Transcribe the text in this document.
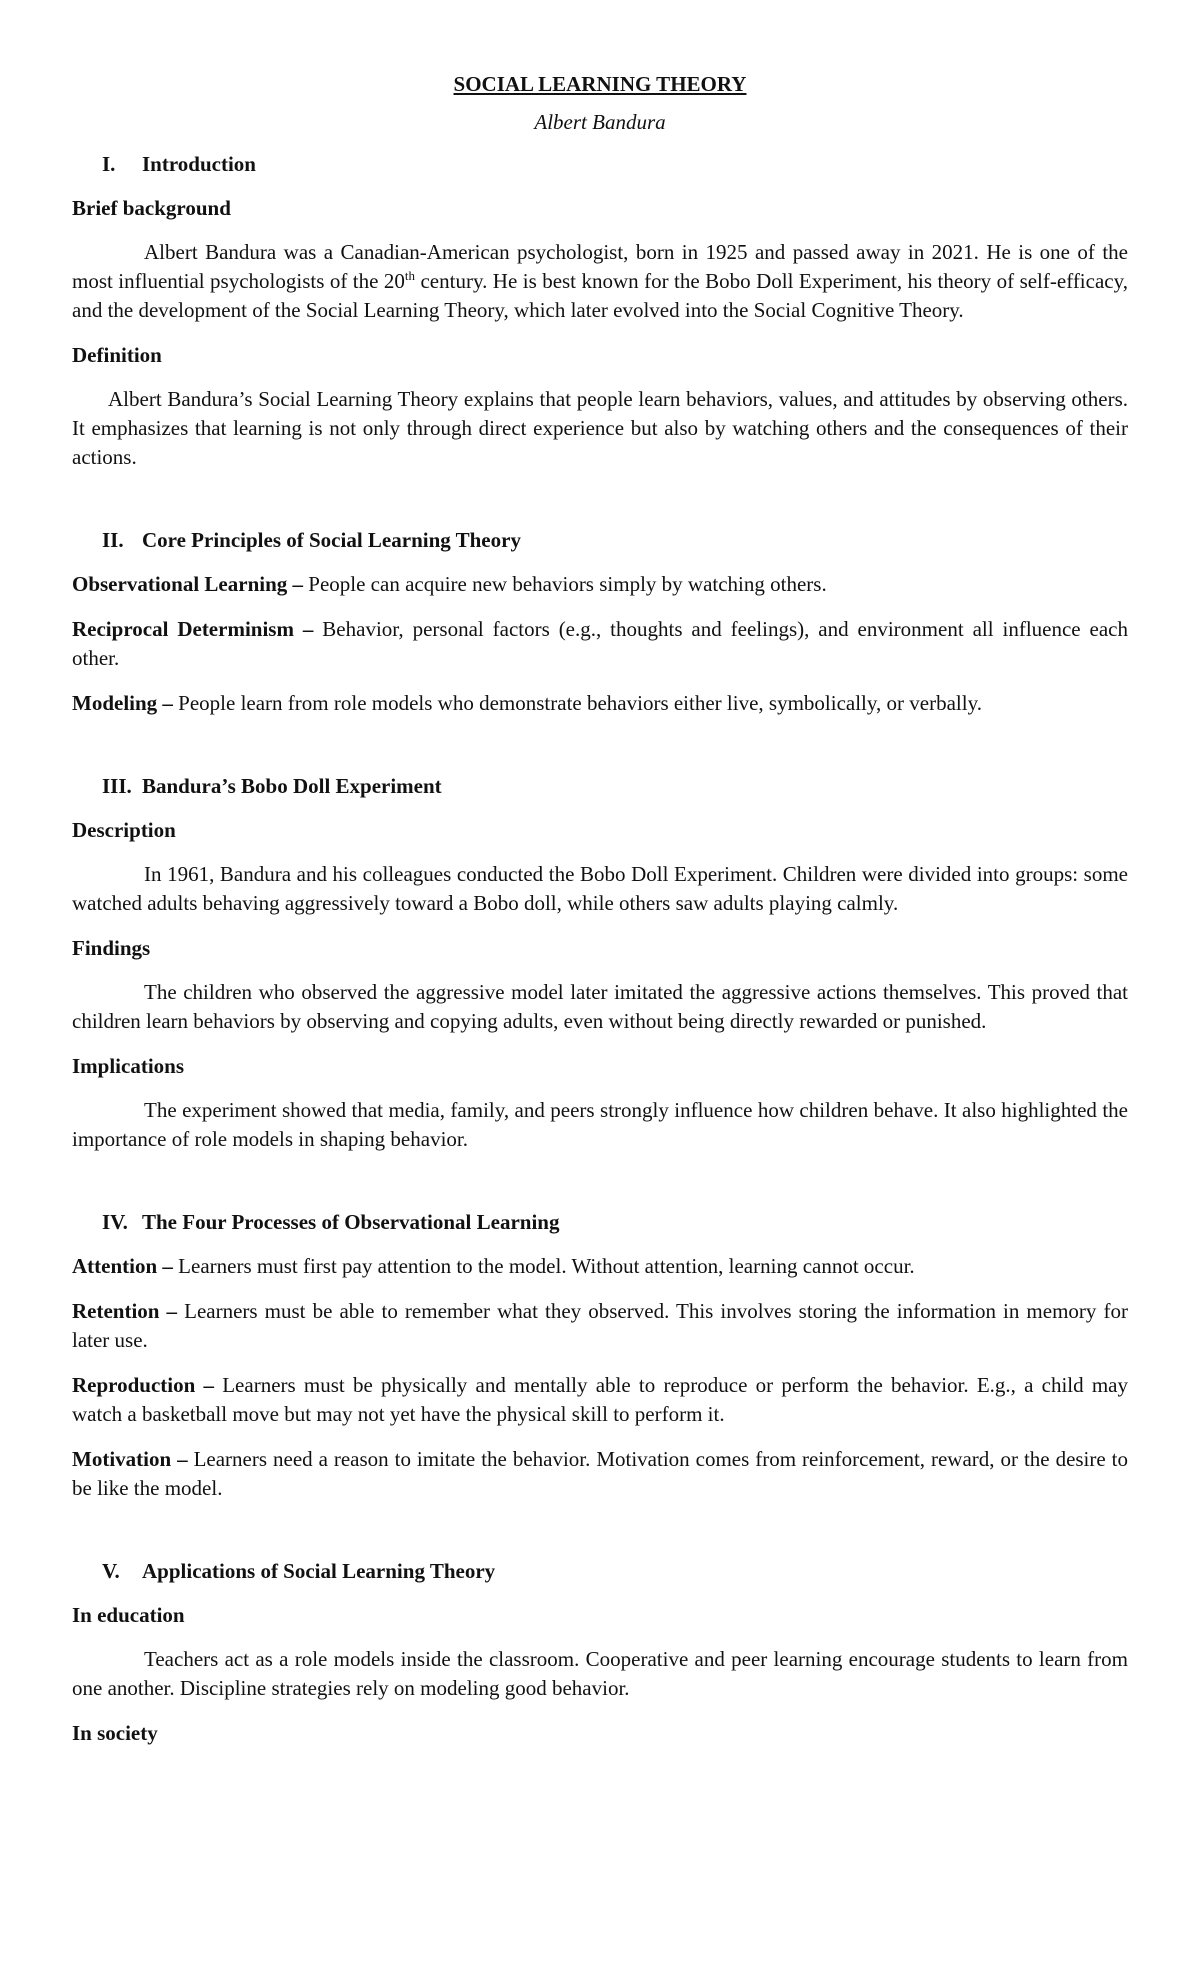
SOCIAL LEARNING THEORY
Albert Bandura
I.	Introduction
Brief background

Albert Bandura was a Canadian-American psychologist, born in 1925 and passed away in 2021. He is one of the most influential psychologists of the 20th century. He is best known for the Bobo Doll Experiment, his theory of self-efficacy, and the development of the Social Learning Theory, which later evolved into the Social Cognitive Theory.

Definition

Albert Bandura’s Social Learning Theory explains that people learn behaviors, values, and attitudes by observing others. It emphasizes that learning is not only through direct experience but also by watching others and the consequences of their actions.

II. Core Principles of Social Learning Theory

Observational Learning – People can acquire new behaviors simply by watching others.

Reciprocal Determinism – Behavior, personal factors (e.g., thoughts and feelings), and environment all influence each other.

Modeling – People learn from role models who demonstrate behaviors either live, symbolically, or verbally.

III. Bandura’s Bobo Doll Experiment
Description

In 1961, Bandura and his colleagues conducted the Bobo Doll Experiment. Children were divided into groups: some watched adults behaving aggressively toward a Bobo doll, while others saw adults playing calmly.

Findings

The children who observed the aggressive model later imitated the aggressive actions themselves. This proved that children learn behaviors by observing and copying adults, even without being directly rewarded or punished.

Implications

The experiment showed that media, family, and peers strongly influence how children behave. It also highlighted the importance of role models in shaping behavior.

IV. The Four Processes of Observational Learning

Attention – Learners must first pay attention to the model. Without attention, learning cannot occur.

Retention – Learners must be able to remember what they observed. This involves storing the information in memory for later use.

Reproduction – Learners must be physically and mentally able to reproduce or perform the behavior. E.g., a child may watch a basketball move but may not yet have the physical skill to perform it.

Motivation – Learners need a reason to imitate the behavior. Motivation comes from reinforcement, reward, or the desire to be like the model.

V.	Applications of Social Learning Theory
In education

Teachers act as a role models inside the classroom. Cooperative and peer learning encourage students to learn from one another. Discipline strategies rely on modeling good behavior.

In society
